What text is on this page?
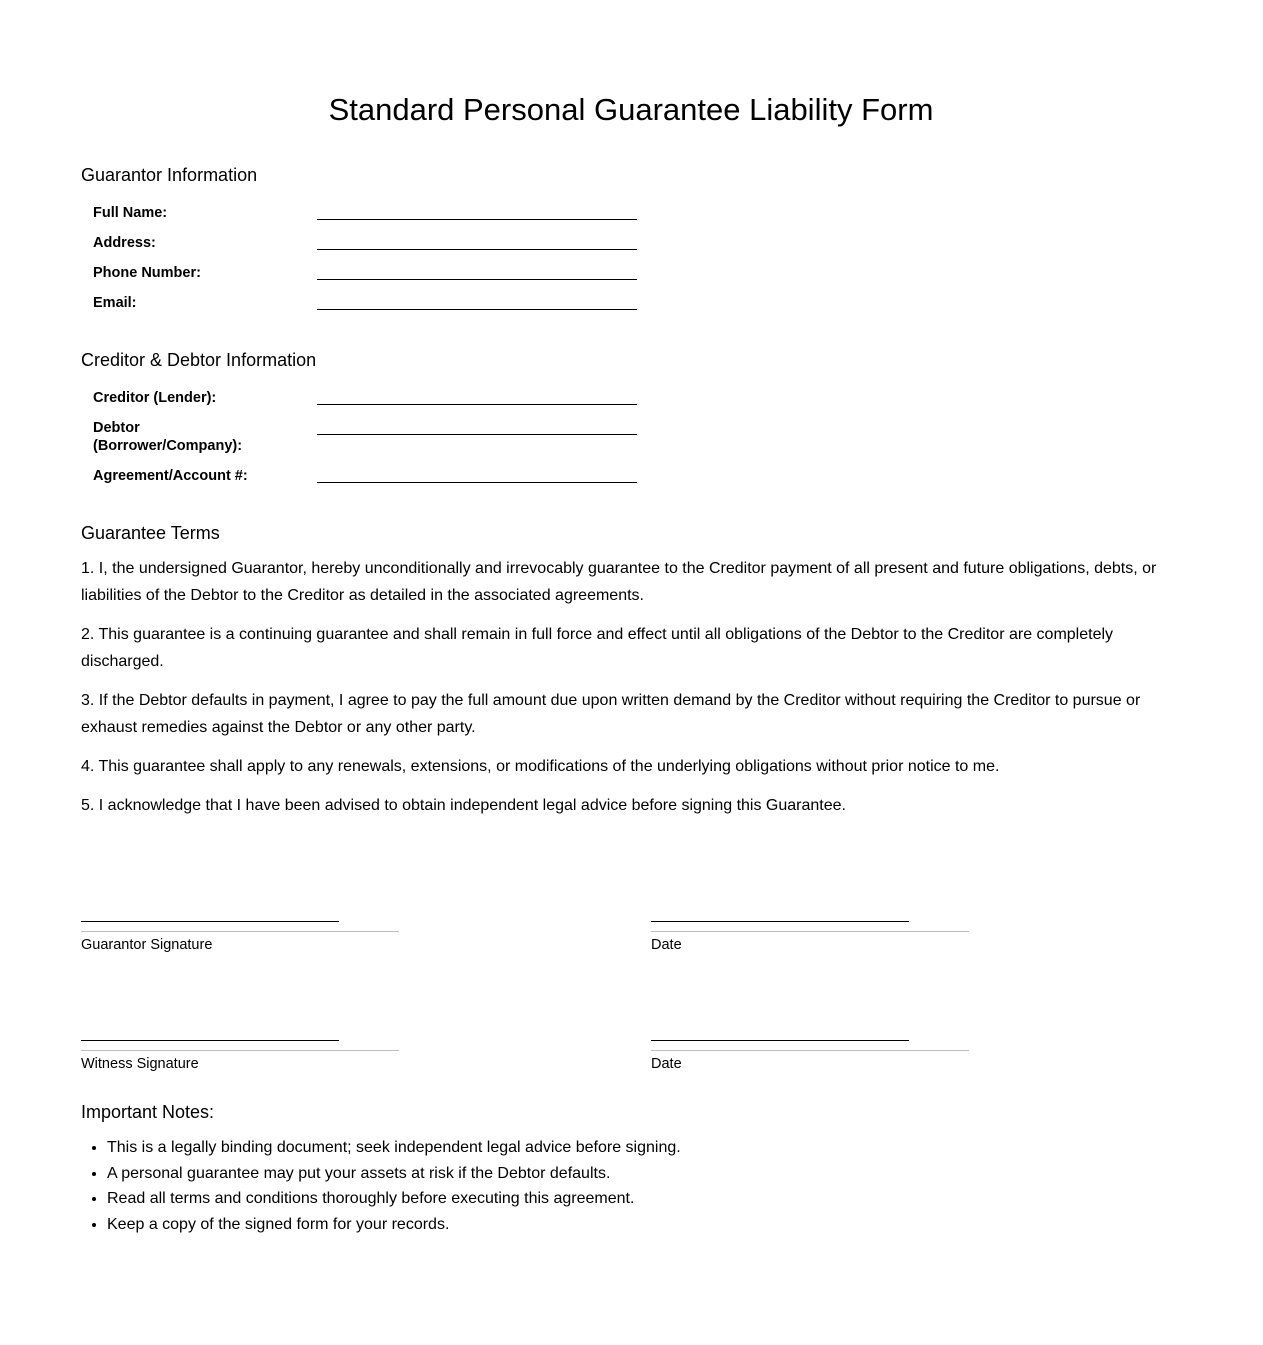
Standard Personal Guarantee Liability Form
Guarantor Information
Full Name:
Address:
Phone Number:
Email:
Creditor & Debtor Information
Creditor (Lender):
Debtor (Borrower/Company):
Agreement/Account #:
Guarantee Terms

1. I, the undersigned Guarantor, hereby unconditionally and irrevocably guarantee to the Creditor payment of all present and future obligations, debts, or liabilities of the Debtor to the Creditor as detailed in the associated agreements.

2. This guarantee is a continuing guarantee and shall remain in full force and effect until all obligations of the Debtor to the Creditor are completely discharged.

3. If the Debtor defaults in payment, I agree to pay the full amount due upon written demand by the Creditor without requiring the Creditor to pursue or exhaust remedies against the Debtor or any other party.

4. This guarantee shall apply to any renewals, extensions, or modifications of the underlying obligations without prior notice to me.

5. I acknowledge that I have been advised to obtain independent legal advice before signing this Guarantee.

Guarantor Signature	Date
Witness Signature	Date
Important Notes:
• This is a legally binding document; seek independent legal advice before signing.
• A personal guarantee may put your assets at risk if the Debtor defaults.
• Read all terms and conditions thoroughly before executing this agreement.
• Keep a copy of the signed form for your records.
